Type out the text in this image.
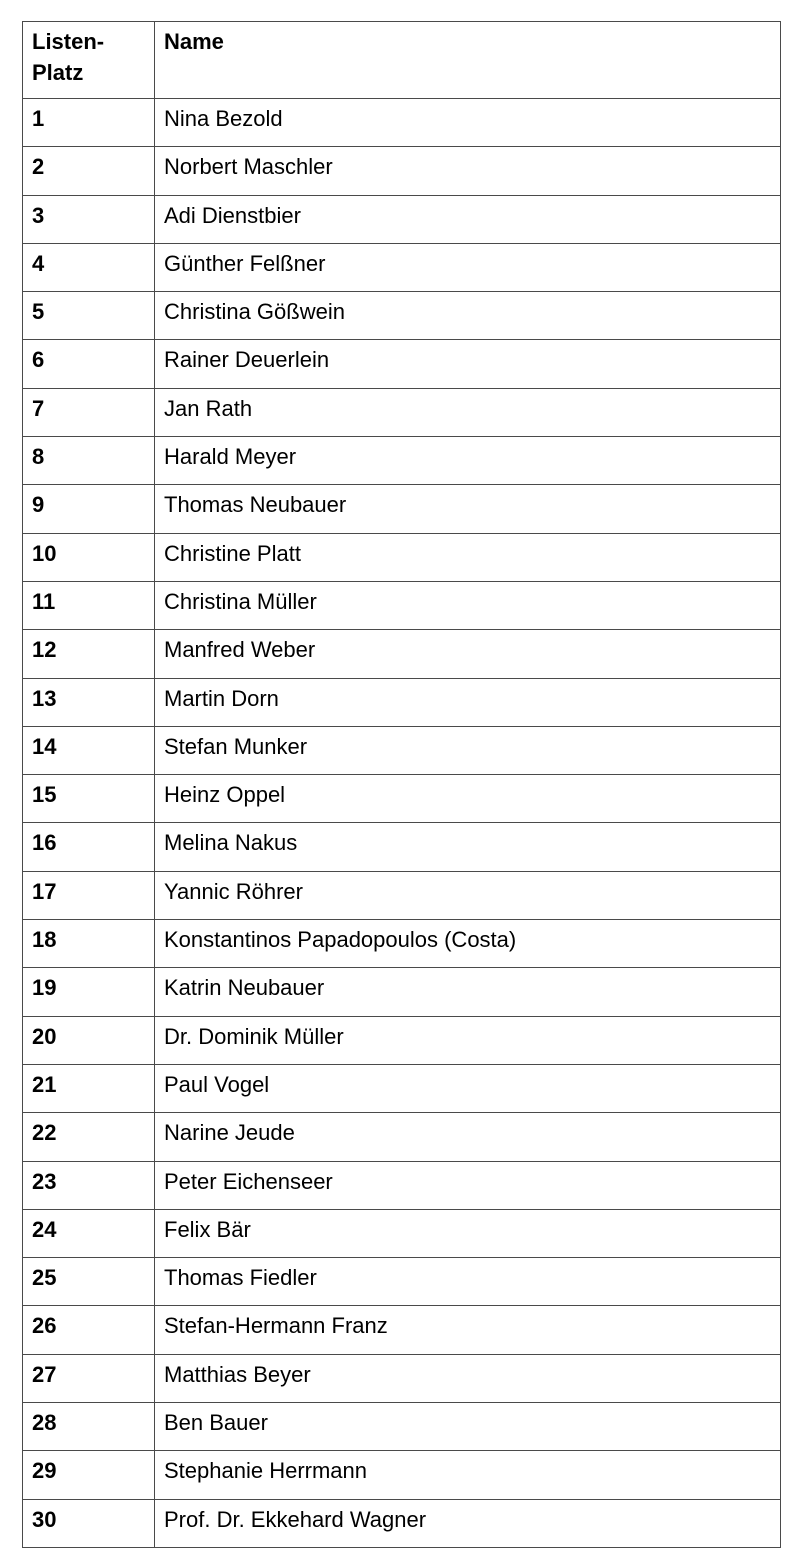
Listen-
Platz	Name
1	Nina Bezold
2	Norbert Maschler
3	Adi Dienstbier
4	Günther Felßner
5	Christina Gößwein
6	Rainer Deuerlein
7	Jan Rath
8	Harald Meyer
9	Thomas Neubauer
10	Christine Platt
11	Christina Müller
12	Manfred Weber
13	Martin Dorn
14	Stefan Munker
15	Heinz Oppel
16	Melina Nakus
17	Yannic Röhrer
18	Konstantinos Papadopoulos (Costa)
19	Katrin Neubauer
20	Dr. Dominik Müller
21	Paul Vogel
22	Narine Jeude
23	Peter Eichenseer
24	Felix Bär
25	Thomas Fiedler
26	Stefan-Hermann Franz
27	Matthias Beyer
28	Ben Bauer
29	Stephanie Herrmann
30	Prof. Dr. Ekkehard Wagner
